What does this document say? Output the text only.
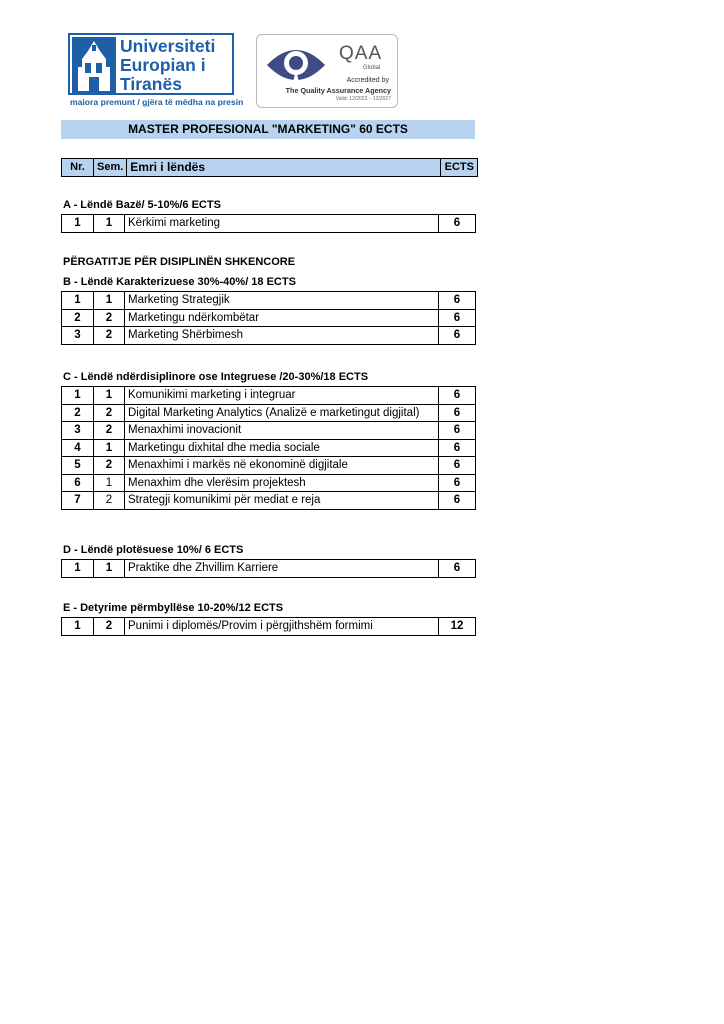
Universiteti
Europian i
Tiranës
maiora premunt / gjëra të mëdha na presin
QAA
Global
Accredited by
The Quality Assurance Agency
Valid: 12/2022 – 12/2027
MASTER PROFESIONAL "MARKETING" 60 ECTS
Nr.	Sem.	Emri i lëndës	ECTS
A - Lëndë Bazë/ 5-10%/6 ECTS
1	1	Kërkimi marketing	6
PËRGATITJE PËR DISIPLINËN SHKENCORE
B - Lëndë Karakterizuese 30%-40%/ 18 ECTS
1	1	Marketing Strategjik	6
2	2	Marketingu ndërkombëtar	6
3	2	Marketing Shërbimesh	6
C - Lëndë ndërdisiplinore ose Integruese /20-30%/18 ECTS
1	1	Komunikimi marketing i integruar	6
2	2	Digital Marketing Analytics (Analizë e marketingut digjital)	6
3	2	Menaxhimi inovacionit	6
4	1	Marketingu dixhital dhe media sociale	6
5	2	Menaxhimi i markës në ekonominë digjitale	6
6	1	Menaxhim dhe vlerësim projektesh	6
7	2	Strategji komunikimi për mediat e reja	6
D - Lëndë plotësuese 10%/ 6 ECTS
1	1	Praktike dhe Zhvillim Karriere	6
E - Detyrime përmbyllëse 10-20%/12 ECTS
1	2	Punimi i diplomës/Provim i përgjithshëm formimi	12
